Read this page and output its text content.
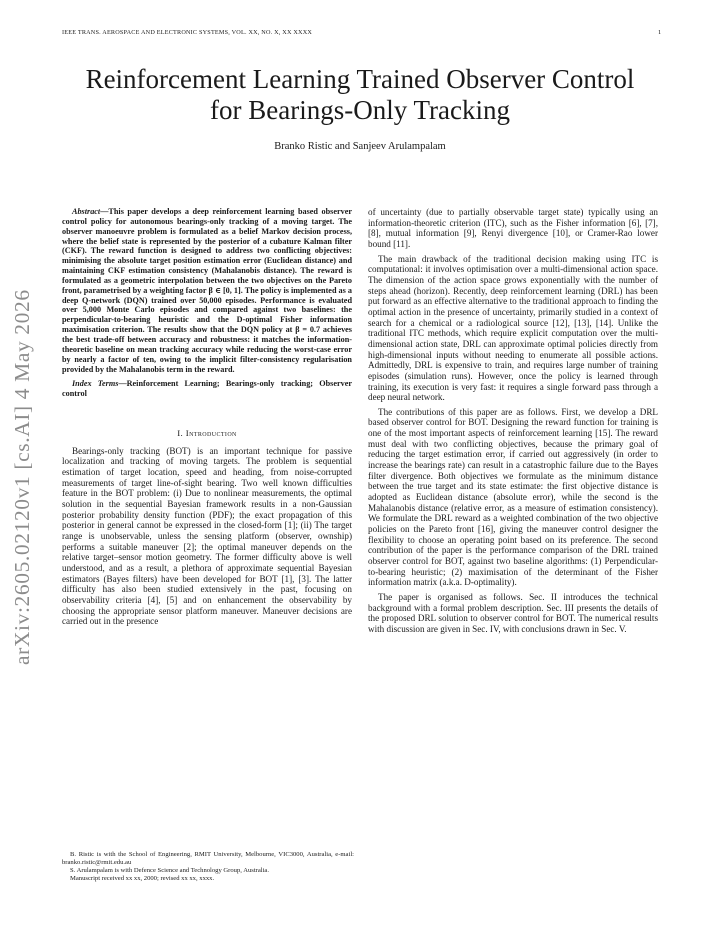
IEEE TRANS. AEROSPACE AND ELECTRONIC SYSTEMS, VOL. XX, NO. X, XX XXXX	1
arXiv:2605.02120v1 [cs.AI] 4 May 2026
Reinforcement Learning Trained Observer Control
for Bearings-Only Tracking
Branko Ristic and Sanjeev Arulampalam

Abstract—This paper develops a deep reinforcement learning based observer control policy for autonomous bearings-only tracking of a moving target. The observer manoeuvre problem is formulated as a belief Markov decision process, where the belief state is represented by the posterior of a cubature Kalman filter (CKF). The reward function is designed to address two conflicting objectives: minimising the absolute target position estimation error (Euclidean distance) and maintaining CKF estimation consistency (Mahalanobis distance). The reward is formulated as a geometric interpolation between the two objectives on the Pareto front, parametrised by a weighting factor β ∈ [0, 1]. The policy is implemented as a deep Q-network (DQN) trained over 50,000 episodes. Performance is evaluated over 5,000 Monte Carlo episodes and compared against two baselines: the perpendicular-to-bearing heuristic and the D-optimal Fisher information maximisation criterion. The results show that the DQN policy at β = 0.7 achieves the best trade-off between accuracy and robustness: it matches the information-theoretic baseline on mean tracking accuracy while reducing the worst-case error by nearly a factor of ten, owing to the implicit filter-consistency regularisation provided by the Mahalanobis term in the reward.

Index Terms—Reinforcement Learning; Bearings-only tracking; Observer control

I. Introduction

Bearings-only tracking (BOT) is an important technique for passive localization and tracking of moving targets. The problem is sequential estimation of target location, speed and heading, from noise-corrupted measurements of target line-of-sight bearing. Two well known difficulties feature in the BOT problem: (i) Due to nonlinear measurements, the optimal solution in the sequential Bayesian framework results in a non-Gaussian posterior probability density function (PDF); the exact propagation of this posterior in general cannot be expressed in the closed-form [1]; (ii) The target range is unobservable, unless the sensing platform (observer, ownship) performs a suitable maneuver [2]; the optimal maneuver depends on the relative target–sensor motion geometry. The former difficulty above is well understood, and as a result, a plethora of approximate sequential Bayesian estimators (Bayes filters) have been developed for BOT [1], [3]. The latter difficulty has also been studied extensively in the past, focusing on observability criteria [4], [5] and on enhancement the observability by choosing the appropriate sensor platform maneuver. Maneuver decisions are carried out in the presence

of uncertainty (due to partially observable target state) typically using an information-theoretic criterion (ITC), such as the Fisher information [6], [7], [8], mutual information [9], Renyi divergence [10], or Cramer-Rao lower bound [11].

The main drawback of the traditional decision making using ITC is computational: it involves optimisation over a multi-dimensional action space. The dimension of the action space grows exponentially with the number of steps ahead (horizon). Recently, deep reinforcement learning (DRL) has been put forward as an effective alternative to the traditional approach to finding the optimal action in the presence of uncertainty, primarily studied in a context of search for a chemical or a radiological source [12], [13], [14]. Unlike the traditional ITC methods, which require explicit computation over the multi-dimensional action state, DRL can approximate optimal policies directly from high-dimensional inputs without needing to enumerate all possible actions. Admittedly, DRL is expensive to train, and requires large number of training episodes (simulation runs). However, once the policy is learned through training, its execution is very fast: it requires a single forward pass through a deep neural network.

The contributions of this paper are as follows. First, we develop a DRL based observer control for BOT. Designing the reward function for training is one of the most important aspects of reinforcement learning [15]. The reward must deal with two conflicting objectives, because the primary goal of reducing the target estimation error, if carried out aggressively (in order to increase the bearings rate) can result in a catastrophic failure due to the Bayes filter divergence. Both objectives we formulate as the minimum distance between the true target and its state estimate: the first objective distance is adopted as Euclidean distance (absolute error), while the second is the Mahalanobis distance (relative error, as a measure of estimation consistency). We formulate the DRL reward as a weighted combination of the two objective policies on the Pareto front [16], giving the maneuver control designer the flexibility to choose an operating point based on its preference. The second contribution of the paper is the performance comparison of the DRL trained observer control for BOT, against two baseline algorithms: (1) Perpendicular-to-bearing heuristic; (2) maximisation of the determinant of the Fisher information matrix (a.k.a. D-optimality).

The paper is organised as follows. Sec. II introduces the technical background with a formal problem description. Sec. III presents the details of the proposed DRL solution to observer control for BOT. The numerical results with discussion are given in Sec. IV, with conclusions drawn in Sec. V.

B. Ristic is with the School of Engineering, RMIT University, Melbourne, VIC3000, Australia, e-mail: branko.ristic@rmit.edu.au

S. Arulampalam is with Defence Science and Technology Group, Australia.

Manuscript received xx xx, 2000; revised xx xx, xxxx.
